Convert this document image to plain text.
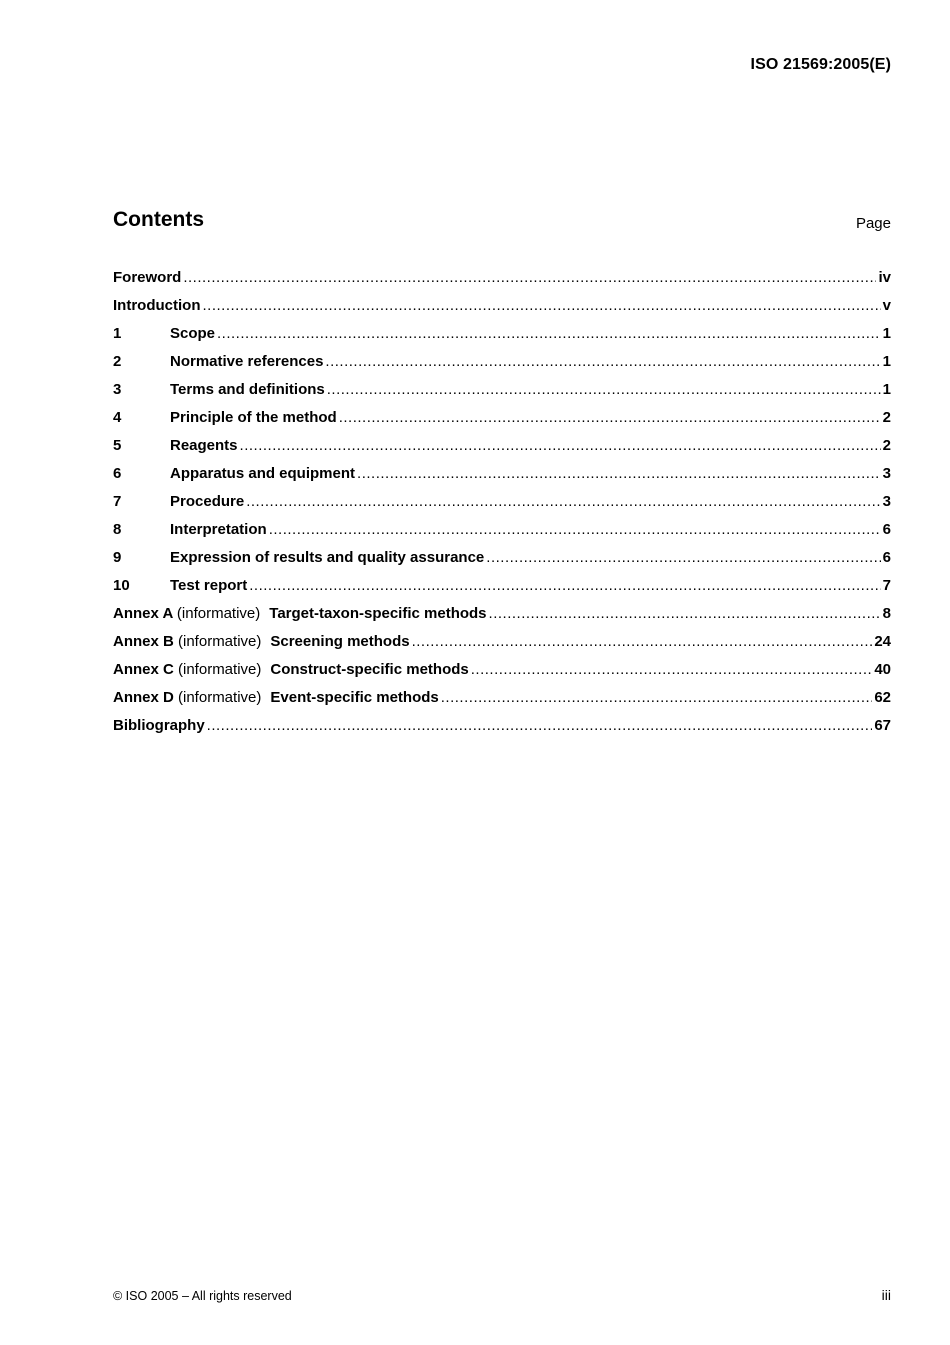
ISO 21569:2005(E)
Contents	Page
Foreword .....	iv
Introduction .....	v
1	Scope .....	1
2	Normative references .....	1
3	Terms and definitions .....	1
4	Principle of the method .....	2
5	Reagents .....	2
6	Apparatus and equipment .....	3
7	Procedure .....	3
8	Interpretation .....	6
9	Expression of results and quality assurance .....	6
10	Test report .....	7
Annex A (informative) Target-taxon-specific methods .....	8
Annex B (informative) Screening methods .....	24
Annex C (informative) Construct-specific methods .....	40
Annex D (informative) Event-specific methods .....	62
Bibliography .....	67
© ISO 2005 – All rights reserved	iii
